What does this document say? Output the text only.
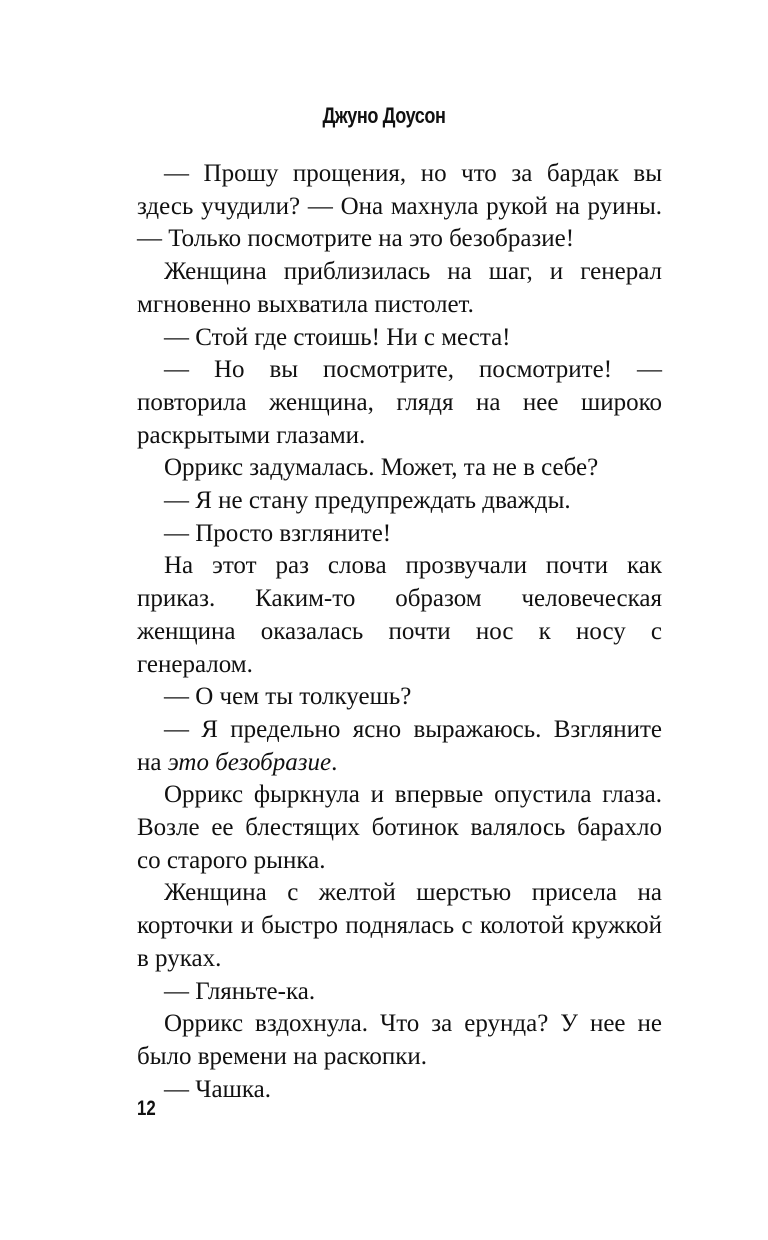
Джуно Доусон

— Прошу прощения, но что за бардак вы здесь учудили? — Она махнула рукой на руины. — Только посмотрите на это безобразие!

Женщина приблизилась на шаг, и генерал мгновенно выхватила пистолет.

— Стой где стоишь! Ни с места!

— Но вы посмотрите, посмотрите! — повторила женщина, глядя на нее широко раскрытыми глазами.

Оррикс задумалась. Может, та не в себе?

— Я не стану предупреждать дважды.

— Просто взгляните!

На этот раз слова прозвучали почти как приказ. Каким-то образом человеческая женщина оказалась почти нос к носу с генералом.

— О чем ты толкуешь?

— Я предельно ясно выражаюсь. Взгляните на это безобразие.

Оррикс фыркнула и впервые опустила глаза. Возле ее блестящих ботинок валялось барахло со старого рынка.

Женщина с желтой шерстью присела на корточки и быстро поднялась с колотой кружкой в руках.

— Гляньте-ка.

Оррикс вздохнула. Что за ерунда? У нее не было времени на раскопки.

— Чашка.

12
